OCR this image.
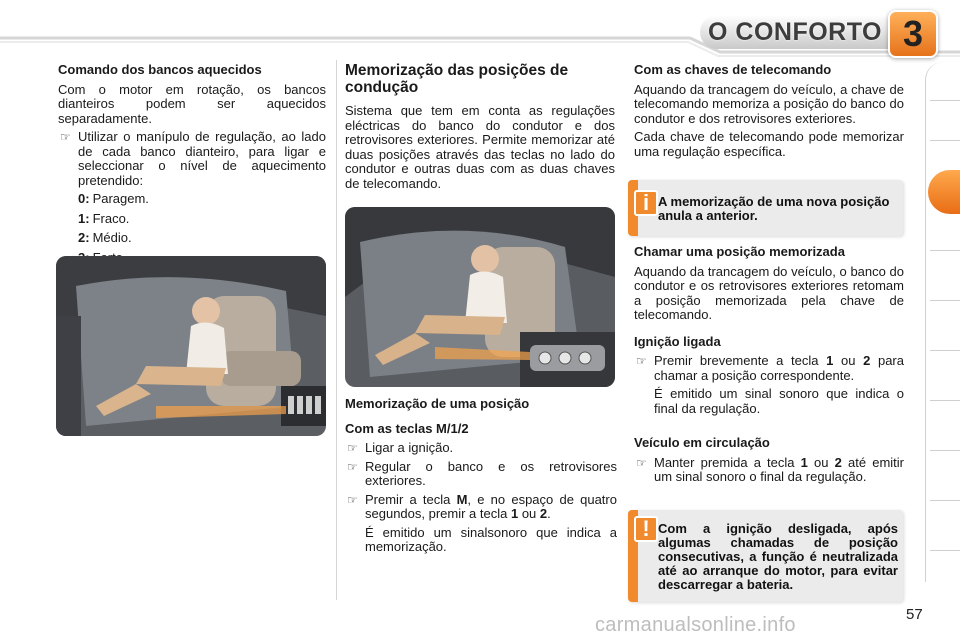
O CONFORTO 3
Comando dos bancos aquecidos

Com o motor em rotação, os bancos dianteiros podem ser aquecidos separadamente.

☞ Utilizar o manípulo de regulação, ao lado de cada banco dianteiro, para ligar e seleccionar o nível de aquecimento pretendido:
0: Paragem.
1: Fraco.
2: Médio.
Memorização das posições de condução

Sistema que tem em conta as regulações eléctricas do banco do condutor e dos retrovisores exteriores. Permite memorizar até duas posições através das teclas no lado do condutor e outras duas com as duas chaves de telecomando.

Memorização de uma posição
Com as teclas M/1/2
☞ Ligar a ignição.
☞ Regular o banco e os retrovisores exteriores.
☞ Premir a tecla M, e no espaço de quatro segundos, premir a tecla 1 ou 2.

É emitido um sinalsonoro que indica a memorização.

Com as chaves de telecomando

Aquando da trancagem do veículo, a chave de telecomando memoriza a posição do banco do condutor e dos retrovisores exteriores.

Cada chave de telecomando pode memorizar uma regulação específica.

i A memorização de uma nova posição anula a anterior.
Chamar uma posição memorizada

Aquando da trancagem do veículo, o banco do condutor e os retrovisores exteriores retomam a posição memorizada pela chave de telecomando.

Ignição ligada
☞ Premir brevemente a tecla 1 ou 2 para chamar a posição correspondente.

É emitido um sinal sonoro que indica o final da regulação.

Veículo em circulação
☞ Manter premida a tecla 1 ou 2 até emitir um sinal sonoro o final da regulação.
! Com a ignição desligada, após algumas chamadas de posição consecutivas, a função é neutralizada até ao arranque do motor, para evitar descarregar a bateria.
57
carmanualsonline.info
